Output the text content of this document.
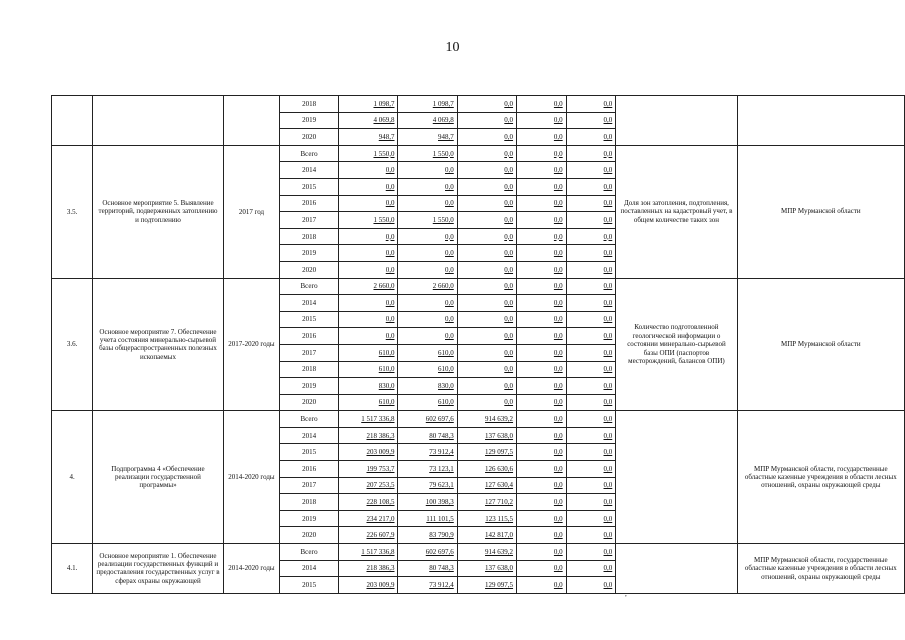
10
			2018	1 098,7	1 098,7	0,0	0,0	0,0		
			2019	4 069,8	4 069,8	0,0	0,0	0,0		
			2020	948,7	948,7	0,0	0,0	0,0		
3.5.	Основное мероприятие 5. Выявление территорий, подверженных затоплению и подтоплению	2017 год	Всего	1 550,0	1 550,0	0,0	0,0	0,0	Доля зон затопления, подтопления, поставленных на кадастровый учет, в общем количестве таких зон	МПР Мурманской области
			2014	0,0	0,0	0,0	0,0	0,0		
			2015	0,0	0,0	0,0	0,0	0,0		
			2016	0,0	0,0	0,0	0,0	0,0		
			2017	1 550,0	1 550,0	0,0	0,0	0,0		
			2018	0,0	0,0	0,0	0,0	0,0		
			2019	0,0	0,0	0,0	0,0	0,0		
			2020	0,0	0,0	0,0	0,0	0,0		
3.6.	Основное мероприятие 7. Обеспечение учета состояния минерально-сырьевой базы общераспространенных полезных ископаемых	2017-2020 годы	Всего	2 660,0	2 660,0	0,0	0,0	0,0	Количество подготовленной геологической информации о состоянии минерально-сырьевой базы ОПИ (паспортов месторождений, балансов ОПИ)	МПР Мурманской области
			2014	0,0	0,0	0,0	0,0	0,0		
			2015	0,0	0,0	0,0	0,0	0,0		
			2016	0,0	0,0	0,0	0,0	0,0		
			2017	610,0	610,0	0,0	0,0	0,0		
			2018	610,0	610,0	0,0	0,0	0,0		
			2019	830,0	830,0	0,0	0,0	0,0		
			2020	610,0	610,0	0,0	0,0	0,0		
4.	Подпрограмма 4 «Обеспечение реализации государственной программы»	2014-2020 годы	Всего	1 517 336,8	602 697,6	914 639,2	0,0	0,0		МПР Мурманской области, государственные областные казенные учреждения в области лесных отношений, охраны окружающей среды
			2014	218 386,3	80 748,3	137 638,0	0,0	0,0		
			2015	203 009,9	73 912,4	129 097,5	0,0	0,0		
			2016	199 753,7	73 123,1	126 630,6	0,0	0,0		
			2017	207 253,5	79 623,1	127 630,4	0,0	0,0		
			2018	228 108,5	100 398,3	127 710,2	0,0	0,0		
			2019	234 217,0	111 101,5	123 115,5	0,0	0,0		
			2020	226 607,9	83 790,9	142 817,0	0,0	0,0		
4.1.	Основное мероприятие 1. Обеспечение реализации государственных функций и предоставления государственных услуг в сферах охраны окружающей	2014-2020 годы	Всего	1 517 336,8	602 697,6	914 639,2	0,0	0,0		МПР Мурманской области, государственные областные казенные учреждения в области лесных отношений, охраны окружающей среды
			2014	218 386,3	80 748,3	137 638,0	0,0	0,0		
			2015	203 009,9	73 912,4	129 097,5	0,0	0,0		
,
